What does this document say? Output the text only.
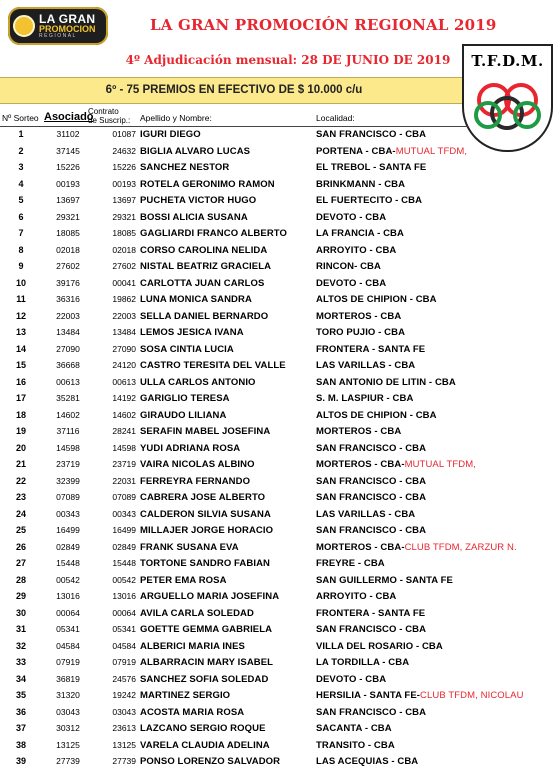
LA GRAN
PROMOCION
REGIONAL
LA GRAN PROMOCIÓN REGIONAL 2019
4º Adjudicación mensual: 28 DE JUNIO DE 2019
6º - 75 PREMIOS EN EFECTIVO DE $ 10.000 c/u
T.F.D.M.
Nº Sorteo Asociado
Contrato
de Suscrip.:	Apellido y Nombre:	Localidad:
1	31102	01087 IGURI DIEGO	SAN FRANCISCO - CBA
2	37145	24632 BIGLIA ALVARO LUCAS	PORTENA - CBA-MUTUAL TFDM,
3	15226	15226 SANCHEZ NESTOR	EL TREBOL - SANTA FE
4	00193	00193 ROTELA GERONIMO RAMON	BRINKMANN - CBA
5	13697	13697 PUCHETA VICTOR HUGO	EL FUERTECITO - CBA
6	29321	29321 BOSSI ALICIA SUSANA	DEVOTO - CBA
7	18085	18085 GAGLIARDI FRANCO ALBERTO	LA FRANCIA - CBA
8	02018	02018 CORSO CAROLINA NELIDA	ARROYITO - CBA
9	27602	27602 NISTAL BEATRIZ GRACIELA	RINCON- CBA
10	39176	00041 CARLOTTA JUAN CARLOS	DEVOTO - CBA
11	36316	19862 LUNA MONICA SANDRA	ALTOS DE CHIPION - CBA
12	22003	22003 SELLA DANIEL BERNARDO	MORTEROS - CBA
13	13484	13484 LEMOS JESICA IVANA	TORO PUJIO - CBA
14	27090	27090 SOSA CINTIA LUCIA	FRONTERA - SANTA FE
15	36668	24120 CASTRO TERESITA DEL VALLE	LAS VARILLAS - CBA
16	00613	00613 ULLA CARLOS ANTONIO	SAN ANTONIO DE LITIN - CBA
17	35281	14192 GARIGLIO TERESA	S. M. LASPIUR - CBA
18	14602	14602 GIRAUDO LILIANA	ALTOS DE CHIPION - CBA
19	37116	28241 SERAFIN MABEL JOSEFINA	MORTEROS - CBA
20	14598	14598 YUDI ADRIANA ROSA	SAN FRANCISCO - CBA
21	23719	23719 VAIRA NICOLAS ALBINO	MORTEROS - CBA-MUTUAL TFDM,
22	32399	22031 FERREYRA FERNANDO	SAN FRANCISCO - CBA
23	07089	07089 CABRERA JOSE ALBERTO	SAN FRANCISCO - CBA
24	00343	00343 CALDERON SILVIA SUSANA	LAS VARILLAS - CBA
25	16499	16499 MILLAJER JORGE HORACIO	SAN FRANCISCO - CBA
26	02849	02849 FRANK SUSANA EVA	MORTEROS - CBA-CLUB TFDM, ZARZUR N.
27	15448	15448 TORTONE SANDRO FABIAN	FREYRE - CBA
28	00542	00542 PETER EMA ROSA	SAN GUILLERMO - SANTA FE
29	13016	13016 ARGUELLO MARIA JOSEFINA	ARROYITO - CBA
30	00064	00064 AVILA CARLA SOLEDAD	FRONTERA - SANTA FE
31	05341	05341 GOETTE GEMMA GABRIELA	SAN FRANCISCO - CBA
32	04584	04584 ALBERICI MARIA INES	VILLA DEL ROSARIO - CBA
33	07919	07919 ALBARRACIN MARY ISABEL	LA TORDILLA - CBA
34	36819	24576 SANCHEZ SOFIA SOLEDAD	DEVOTO - CBA
35	31320	19242 MARTINEZ SERGIO	HERSILIA - SANTA FE-CLUB TFDM, NICOLAU
36	03043	03043 ACOSTA MARIA ROSA	SAN FRANCISCO - CBA
37	30312	23613 LAZCANO SERGIO ROQUE	SACANTA - CBA
38	13125	13125 VARELA CLAUDIA ADELINA	TRANSITO - CBA
39	27739	27739 PONSO LORENZO SALVADOR	LAS ACEQUIAS - CBA
